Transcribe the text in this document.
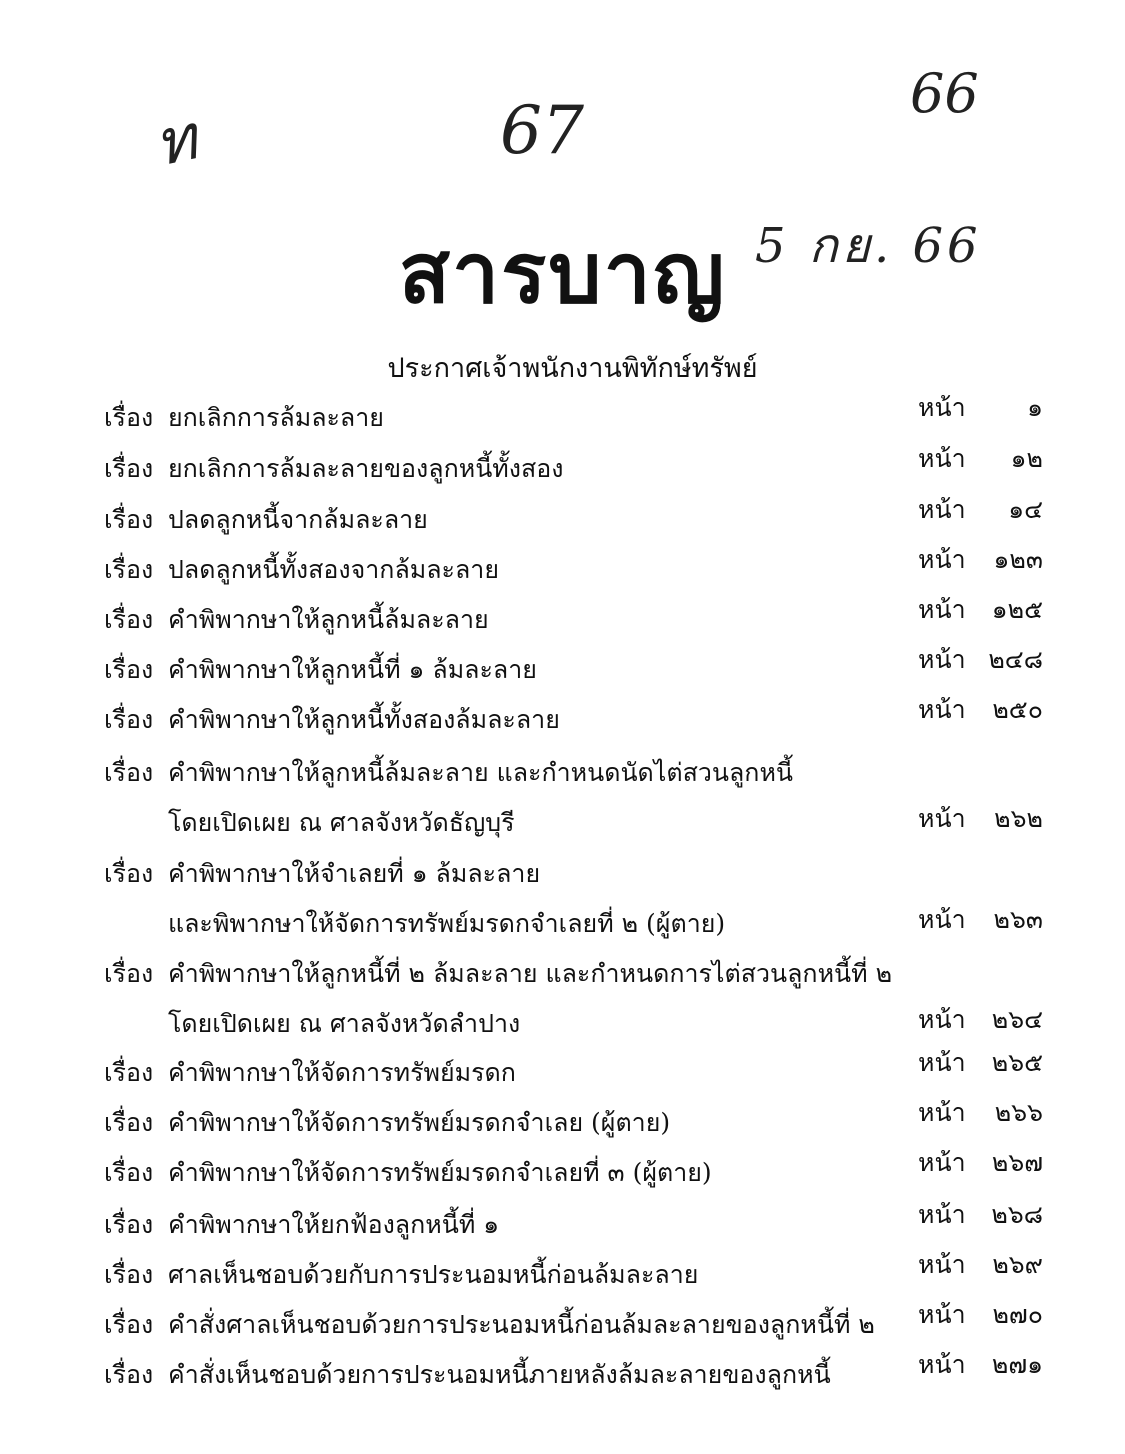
ท	67	66
5 กย. 66
สารบาญ
ประกาศเจ้าพนักงานพิทักษ์ทรัพย์
เรื่อง ยกเลิกการล้มละลาย	หน้า ๑
เรื่อง ยกเลิกการล้มละลายของลูกหนี้ทั้งสอง	หน้า ๑๒
เรื่อง ปลดลูกหนี้จากล้มละลาย	หน้า ๑๔
เรื่อง ปลดลูกหนี้ทั้งสองจากล้มละลาย	หน้า ๑๒๓
เรื่อง คำพิพากษาให้ลูกหนี้ล้มละลาย	หน้า ๑๒๕
เรื่อง คำพิพากษาให้ลูกหนี้ที่ ๑ ล้มละลาย	หน้า ๒๔๘
เรื่อง คำพิพากษาให้ลูกหนี้ทั้งสองล้มละลาย	หน้า ๒๕๐
เรื่อง คำพิพากษาให้ลูกหนี้ล้มละลาย และกำหนดนัดไต่สวนลูกหนี้
โดยเปิดเผย ณ ศาลจังหวัดธัญบุรี	หน้า ๒๖๒
เรื่อง คำพิพากษาให้จำเลยที่ ๑ ล้มละลาย
และพิพากษาให้จัดการทรัพย์มรดกจำเลยที่ ๒ (ผู้ตาย)	หน้า ๒๖๓
เรื่อง คำพิพากษาให้ลูกหนี้ที่ ๒ ล้มละลาย และกำหนดการไต่สวนลูกหนี้ที่ ๒
โดยเปิดเผย ณ ศาลจังหวัดลำปาง	หน้า ๒๖๔
เรื่อง คำพิพากษาให้จัดการทรัพย์มรดก	หน้า ๒๖๕
เรื่อง คำพิพากษาให้จัดการทรัพย์มรดกจำเลย (ผู้ตาย)	หน้า ๒๖๖
เรื่อง คำพิพากษาให้จัดการทรัพย์มรดกจำเลยที่ ๓ (ผู้ตาย)	หน้า ๒๖๗
เรื่อง คำพิพากษาให้ยกฟ้องลูกหนี้ที่ ๑	หน้า ๒๖๘
เรื่อง ศาลเห็นชอบด้วยกับการประนอมหนี้ก่อนล้มละลาย	หน้า ๒๖๙
เรื่อง คำสั่งศาลเห็นชอบด้วยการประนอมหนี้ก่อนล้มละลายของลูกหนี้ที่ ๒ หน้า ๒๗๐
เรื่อง คำสั่งเห็นชอบด้วยการประนอมหนี้ภายหลังล้มละลายของลูกหนี้	หน้า ๒๗๑
